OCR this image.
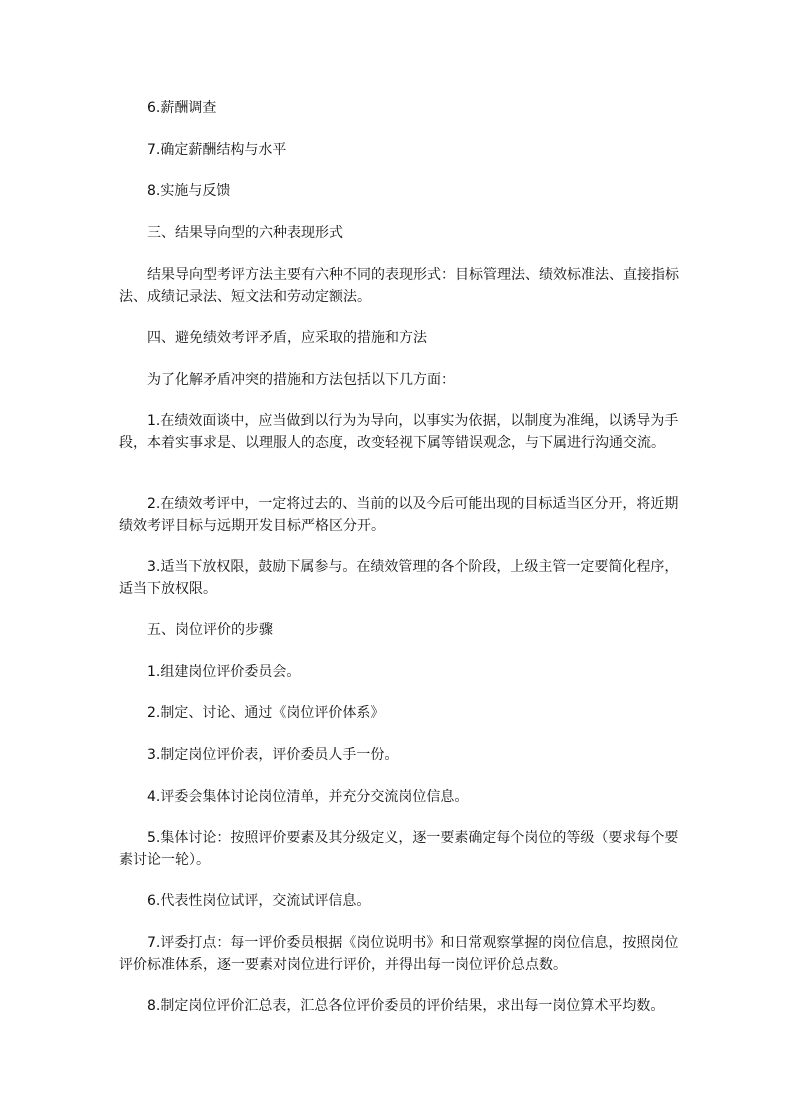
6.薪酬调查

7.确定薪酬结构与水平

8.实施与反馈

三、结果导向型的六种表现形式

结果导向型考评方法主要有六种不同的表现形式：目标管理法、绩效标准法、直接指标法、成绩记录法、短文法和劳动定额法。

四、避免绩效考评矛盾，应采取的措施和方法

为了化解矛盾冲突的措施和方法包括以下几方面：

1.在绩效面谈中，应当做到以行为为导向，以事实为依据，以制度为准绳，以诱导为手段，本着实事求是、以理服人的态度，改变轻视下属等错误观念，与下属进行沟通交流。

2.在绩效考评中，一定将过去的、当前的以及今后可能出现的目标适当区分开，将近期绩效考评目标与远期开发目标严格区分开。

3.适当下放权限，鼓励下属参与。在绩效管理的各个阶段，上级主管一定要简化程序，适当下放权限。

五、岗位评价的步骤

1.组建岗位评价委员会。

2.制定、讨论、通过《岗位评价体系》

3.制定岗位评价表，评价委员人手一份。

4.评委会集体讨论岗位清单，并充分交流岗位信息。

5.集体讨论：按照评价要素及其分级定义，逐一要素确定每个岗位的等级（要求每个要素讨论一轮）。

6.代表性岗位试评，交流试评信息。

7.评委打点：每一评价委员根据《岗位说明书》和日常观察掌握的岗位信息，按照岗位评价标准体系，逐一要素对岗位进行评价，并得出每一岗位评价总点数。

8.制定岗位评价汇总表，汇总各位评价委员的评价结果，求出每一岗位算术平均数。
